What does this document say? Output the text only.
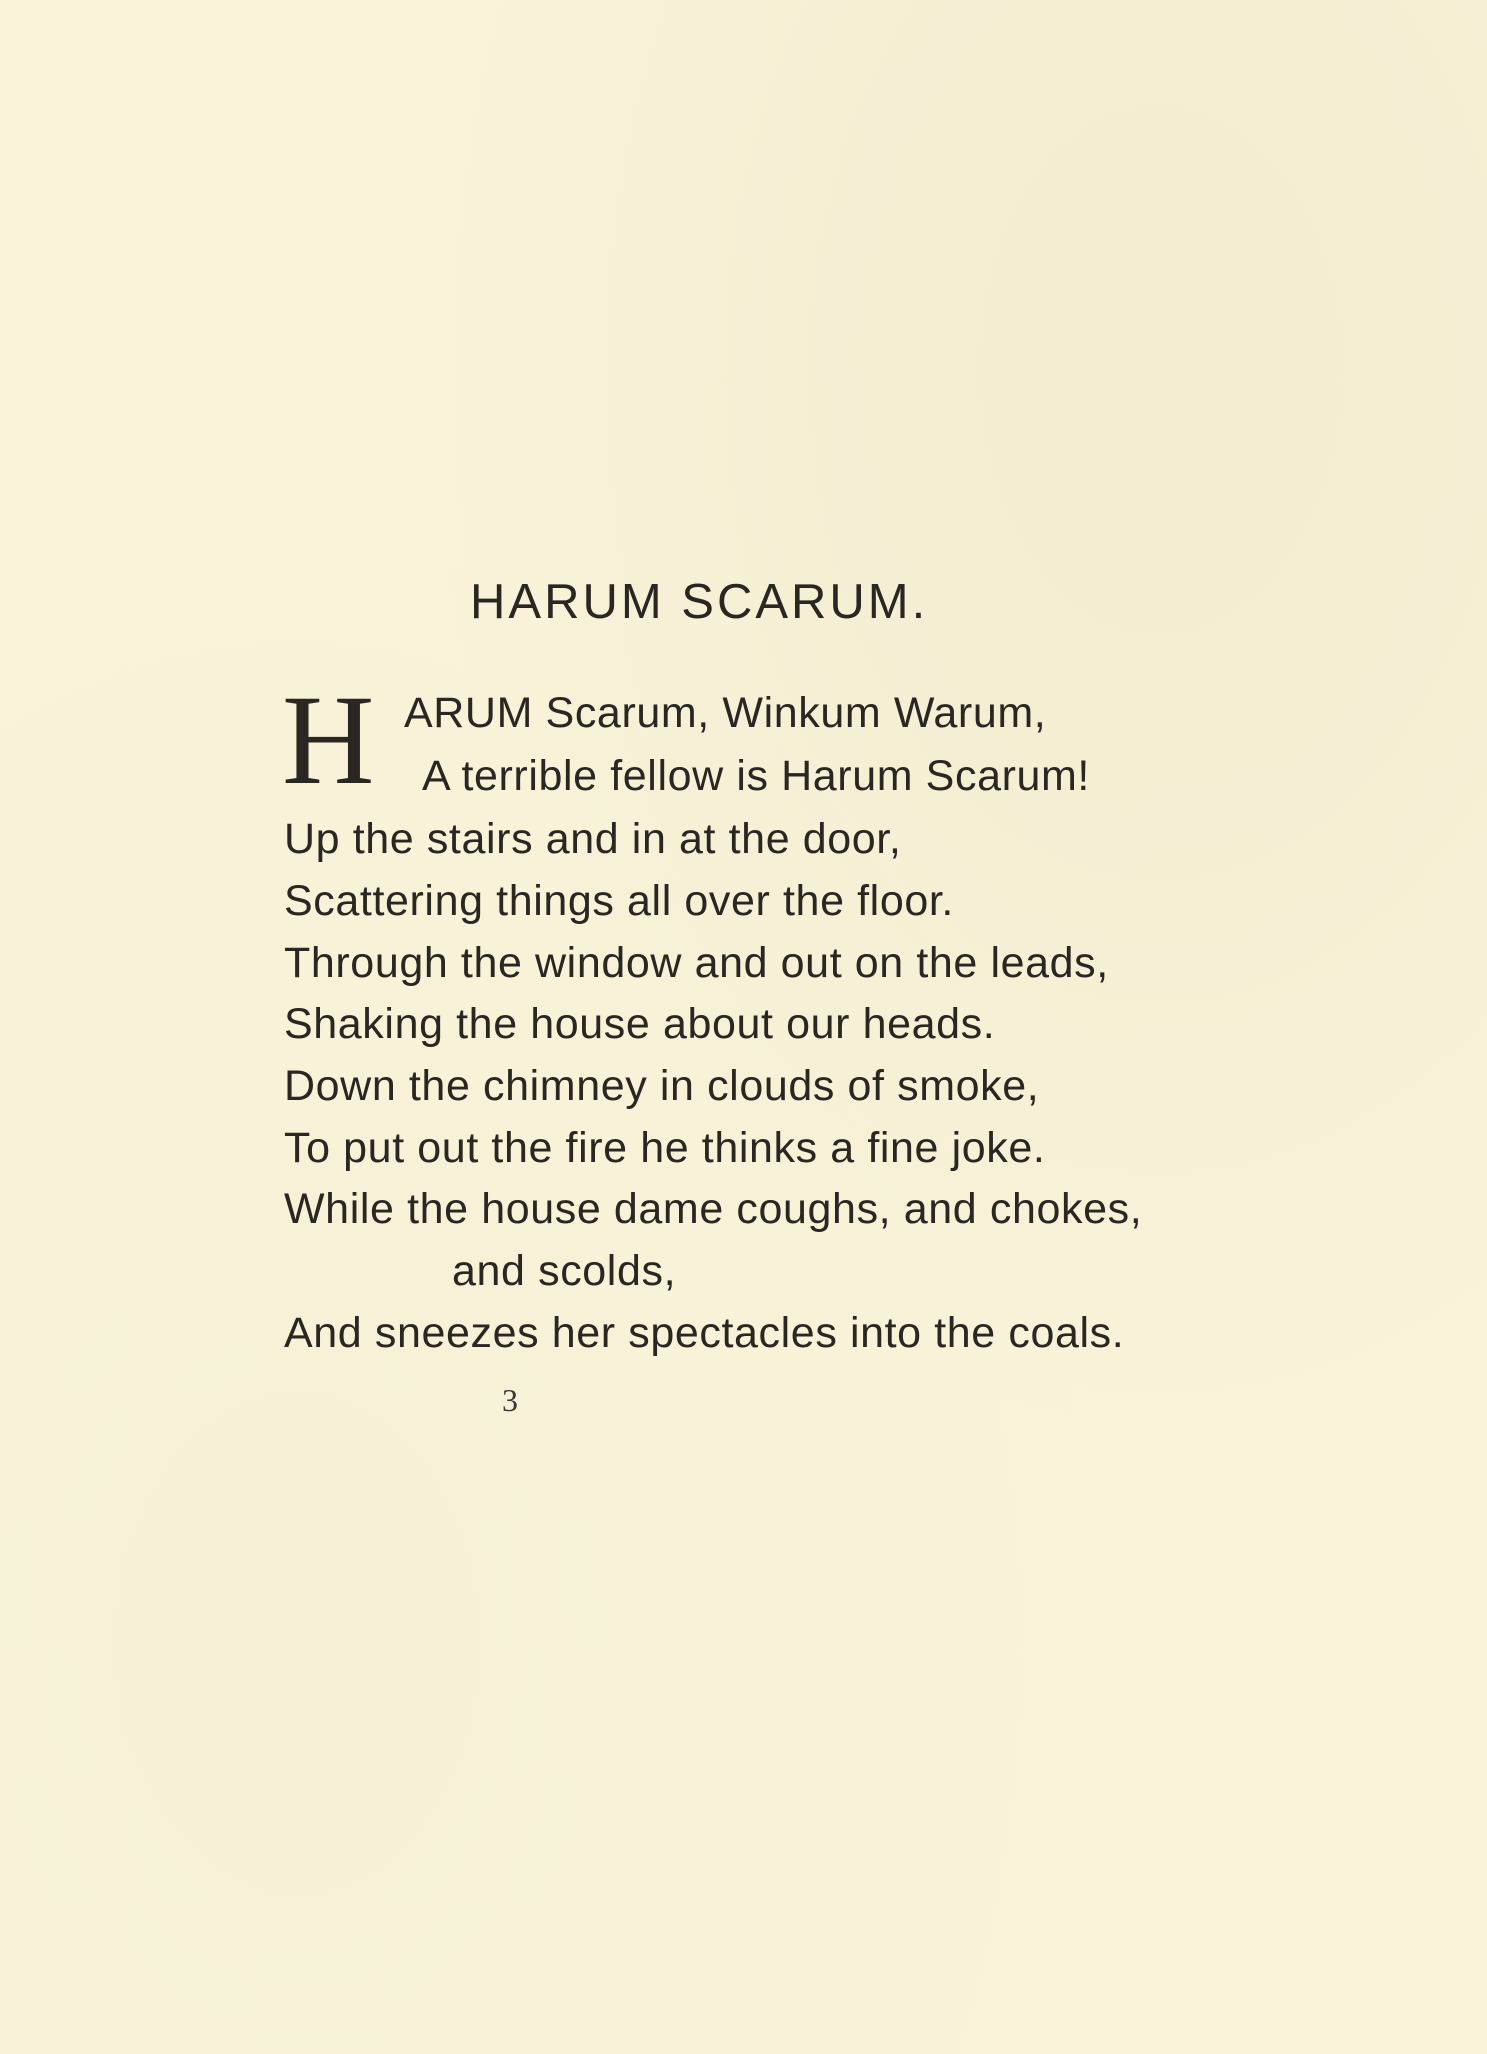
HARUM SCARUM.
H ARUM Scarum, Winkum Warum,
A terrible fellow is Harum Scarum!
Up the stairs and in at the door,
Scattering things all over the floor.
Through the window and out on the leads,
Shaking the house about our heads.
Down the chimney in clouds of smoke,
To put out the fire he thinks a fine joke.
While the house dame coughs, and chokes,
and scolds,
And sneezes her spectacles into the coals.
3
